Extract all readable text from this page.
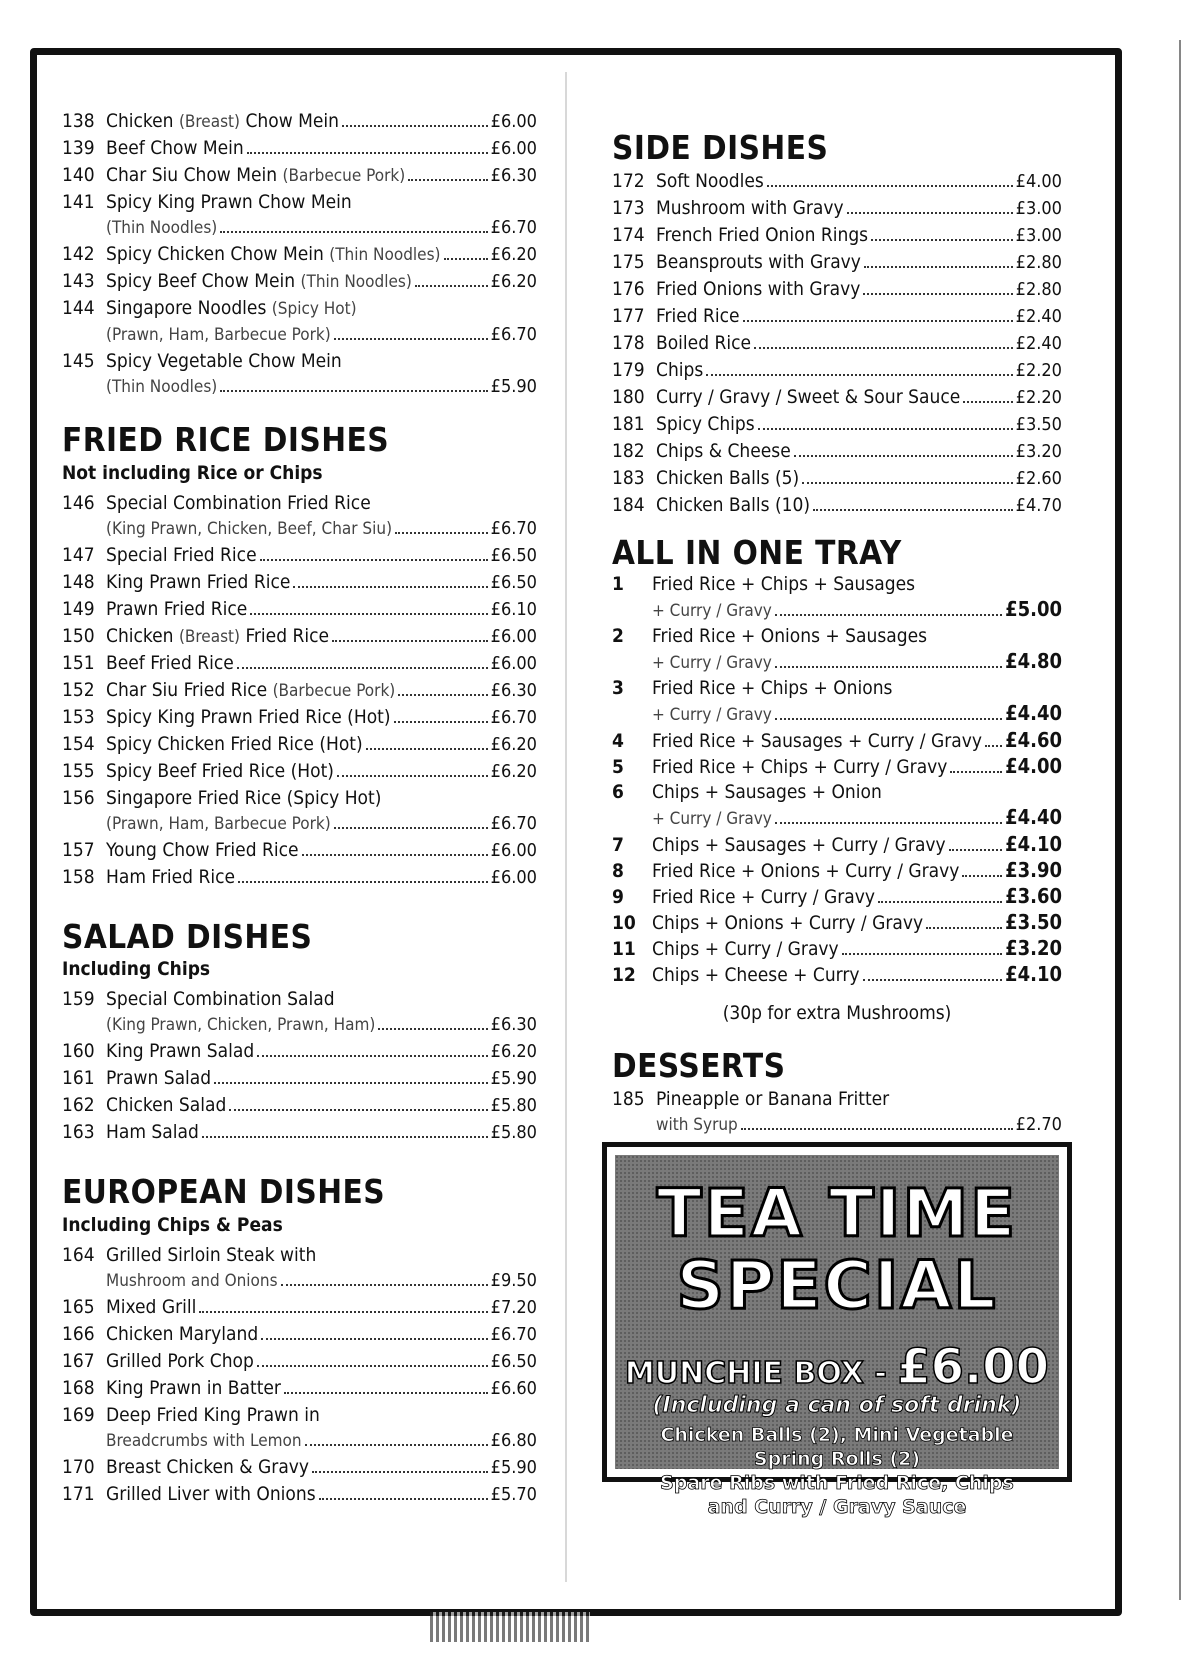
138 Chicken (Breast) Chow Mein	£6.00
139 Beef Chow Mein	£6.00
140 Char Siu Chow Mein (Barbecue Pork)	£6.30
141 Spicy King Prawn Chow Mein
(Thin Noodles)	£6.70
142 Spicy Chicken Chow Mein (Thin Noodles)	£6.20
143 Spicy Beef Chow Mein (Thin Noodles)	£6.20
144 Singapore Noodles (Spicy Hot)
(Prawn, Ham, Barbecue Pork)	£6.70
145 Spicy Vegetable Chow Mein
(Thin Noodles)	£5.90
FRIED RICE DISHES
Not including Rice or Chips
146 Special Combination Fried Rice
(King Prawn, Chicken, Beef, Char Siu)	£6.70
147 Special Fried Rice	£6.50
148 King Prawn Fried Rice	£6.50
149 Prawn Fried Rice	£6.10
150 Chicken (Breast) Fried Rice	£6.00
151 Beef Fried Rice	£6.00
152 Char Siu Fried Rice (Barbecue Pork)	£6.30
153 Spicy King Prawn Fried Rice (Hot)	£6.70
154 Spicy Chicken Fried Rice (Hot)	£6.20
155 Spicy Beef Fried Rice (Hot)	£6.20
156 Singapore Fried Rice (Spicy Hot)
(Prawn, Ham, Barbecue Pork)	£6.70
157 Young Chow Fried Rice	£6.00
158 Ham Fried Rice	£6.00
SALAD DISHES
Including Chips
159 Special Combination Salad
(King Prawn, Chicken, Prawn, Ham)	£6.30
160 King Prawn Salad	£6.20
161 Prawn Salad	£5.90
162 Chicken Salad	£5.80
163 Ham Salad	£5.80
EUROPEAN DISHES
Including Chips & Peas
164 Grilled Sirloin Steak with
Mushroom and Onions	£9.50
165 Mixed Grill	£7.20
166 Chicken Maryland	£6.70
167 Grilled Pork Chop	£6.50
168 King Prawn in Batter	£6.60
169 Deep Fried King Prawn in
Breadcrumbs with Lemon	£6.80
170 Breast Chicken & Gravy	£5.90
171 Grilled Liver with Onions	£5.70
SIDE DISHES
172 Soft Noodles	£4.00
173 Mushroom with Gravy	£3.00
174 French Fried Onion Rings	£3.00
175 Beansprouts with Gravy	£2.80
176 Fried Onions with Gravy	£2.80
177 Fried Rice	£2.40
178 Boiled Rice	£2.40
179 Chips	£2.20
180 Curry / Gravy / Sweet & Sour Sauce	£2.20
181 Spicy Chips	£3.50
182 Chips & Cheese	£3.20
183 Chicken Balls (5)	£2.60
184 Chicken Balls (10)	£4.70
ALL IN ONE TRAY
1	Fried Rice + Chips + Sausages
+ Curry / Gravy	£5.00
2	Fried Rice + Onions + Sausages
+ Curry / Gravy	£4.80
3	Fried Rice + Chips + Onions
+ Curry / Gravy	£4.40
4	Fried Rice + Sausages + Curry / Gravy £4.60
5	Fried Rice + Chips + Curry / Gravy	£4.00
6	Chips + Sausages + Onion
+ Curry / Gravy	£4.40
7	Chips + Sausages + Curry / Gravy	£4.10
8	Fried Rice + Onions + Curry / Gravy £3.90
9	Fried Rice + Curry / Gravy	£3.60
10 Chips + Onions + Curry / Gravy	£3.50
11 Chips + Curry / Gravy	£3.20
12 Chips + Cheese + Curry	£4.10
(30p for extra Mushrooms)
DESSERTS
185 Pineapple or Banana Fritter
with Syrup	£2.70
TEA TIME
SPECIAL
MUNCHIE BOX - £6.00
(Including a can of soft drink)
Chicken Balls (2), Mini Vegetable Spring Rolls (2)
Spare Ribs with Fried Rice, Chips
and Curry / Gravy Sauce
